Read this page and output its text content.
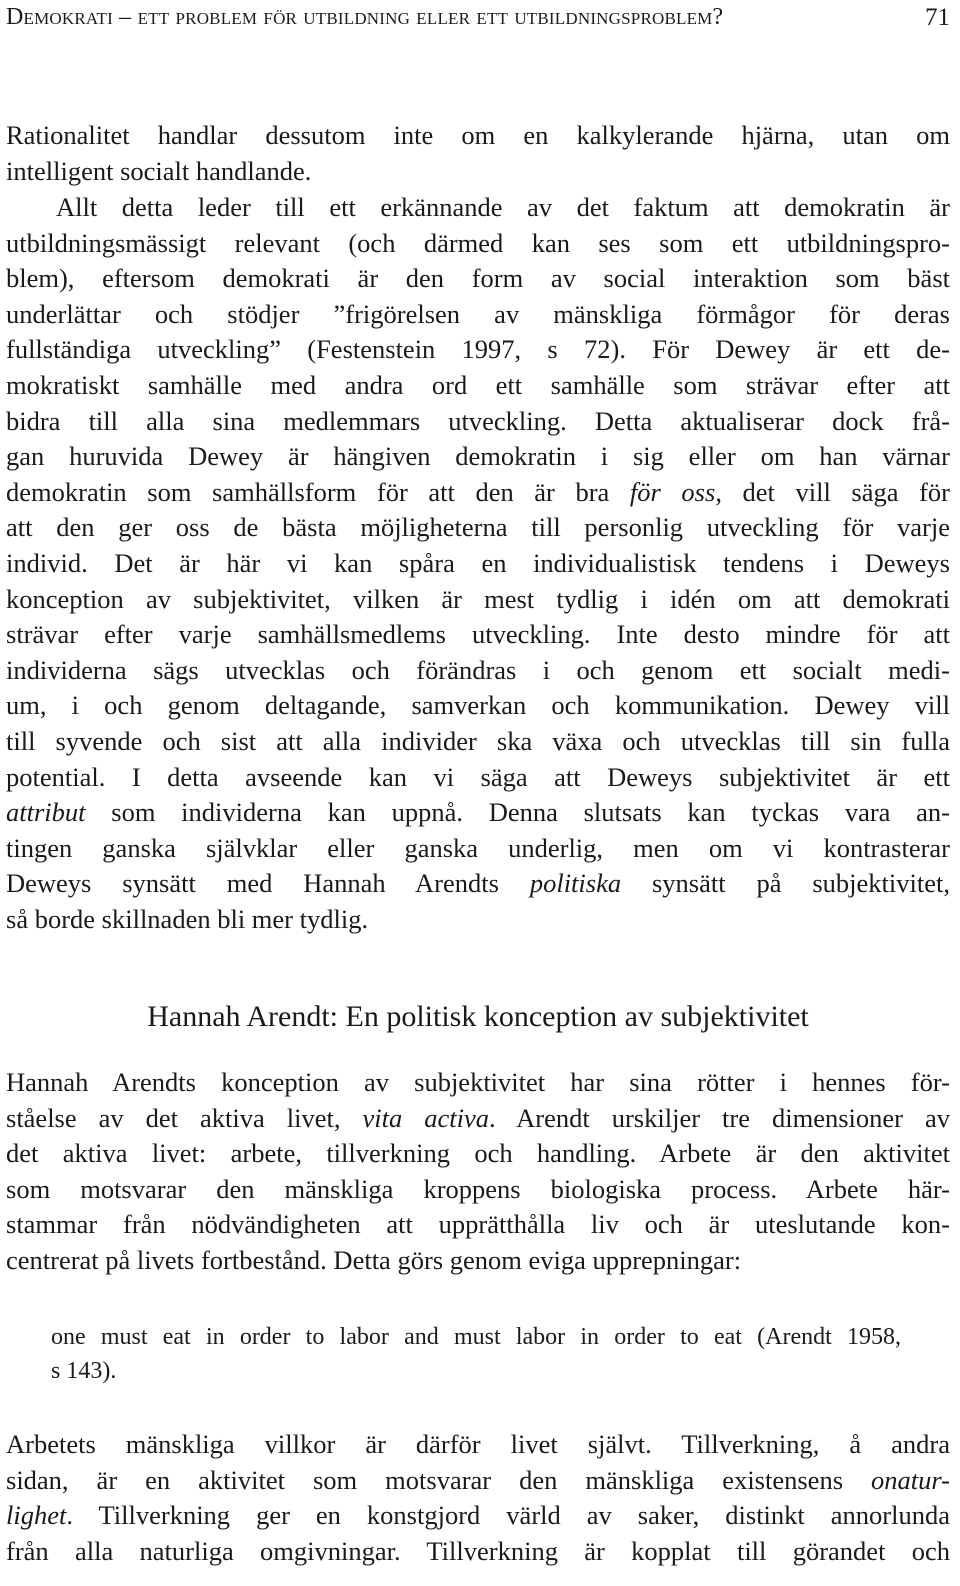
Demokrati – ett problem för utbildning eller ett utbildningsproblem?	71

Rationalitet handlar dessutom inte om en kalkylerande hjärna, utan om
intelligent socialt handlande.

Allt detta leder till ett erkännande av det faktum att demokratin är
utbildningsmässigt relevant (och därmed kan ses som ett utbildningspro-
blem), eftersom demokrati är den form av social interaktion som bäst
underlättar och stödjer ”frigörelsen av mänskliga förmågor för deras
fullständiga utveckling” (Festenstein 1997, s 72). För Dewey är ett de-
mokratiskt samhälle med andra ord ett samhälle som strävar efter att
bidra till alla sina medlemmars utveckling. Detta aktualiserar dock frå-
gan huruvida Dewey är hängiven demokratin i sig eller om han värnar
demokratin som samhällsform för att den är bra för oss, det vill säga för
att den ger oss de bästa möjligheterna till personlig utveckling för varje
individ. Det är här vi kan spåra en individualistisk tendens i Deweys
konception av subjektivitet, vilken är mest tydlig i idén om att demokrati
strävar efter varje samhällsmedlems utveckling. Inte desto mindre för att
individerna sägs utvecklas och förändras i och genom ett socialt medi-
um, i och genom deltagande, samverkan och kommunikation. Dewey vill
till syvende och sist att alla individer ska växa och utvecklas till sin fulla
potential. I detta avseende kan vi säga att Deweys subjektivitet är ett
attribut som individerna kan uppnå. Denna slutsats kan tyckas vara an-
tingen ganska självklar eller ganska underlig, men om vi kontrasterar
Deweys synsätt med Hannah Arendts politiska synsätt på subjektivitet,
så borde skillnaden bli mer tydlig.

Hannah Arendt: En politisk konception av subjektivitet

Hannah Arendts konception av subjektivitet har sina rötter i hennes för-
ståelse av det aktiva livet, vita activa. Arendt urskiljer tre dimensioner av
det aktiva livet: arbete, tillverkning och handling. Arbete är den aktivitet
som motsvarar den mänskliga kroppens biologiska process. Arbete här-
stammar från nödvändigheten att upprätthålla liv och är uteslutande kon-
centrerat på livets fortbestånd. Detta görs genom eviga upprepningar:

one must eat in order to labor and must labor in order to eat (Arendt 1958,
s 143).

Arbetets mänskliga villkor är därför livet självt. Tillverkning, å andra
sidan, är en aktivitet som motsvarar den mänskliga existensens onatur-
lighet. Tillverkning ger en konstgjord värld av saker, distinkt annorlunda
från alla naturliga omgivningar. Tillverkning är kopplat till görandet och
